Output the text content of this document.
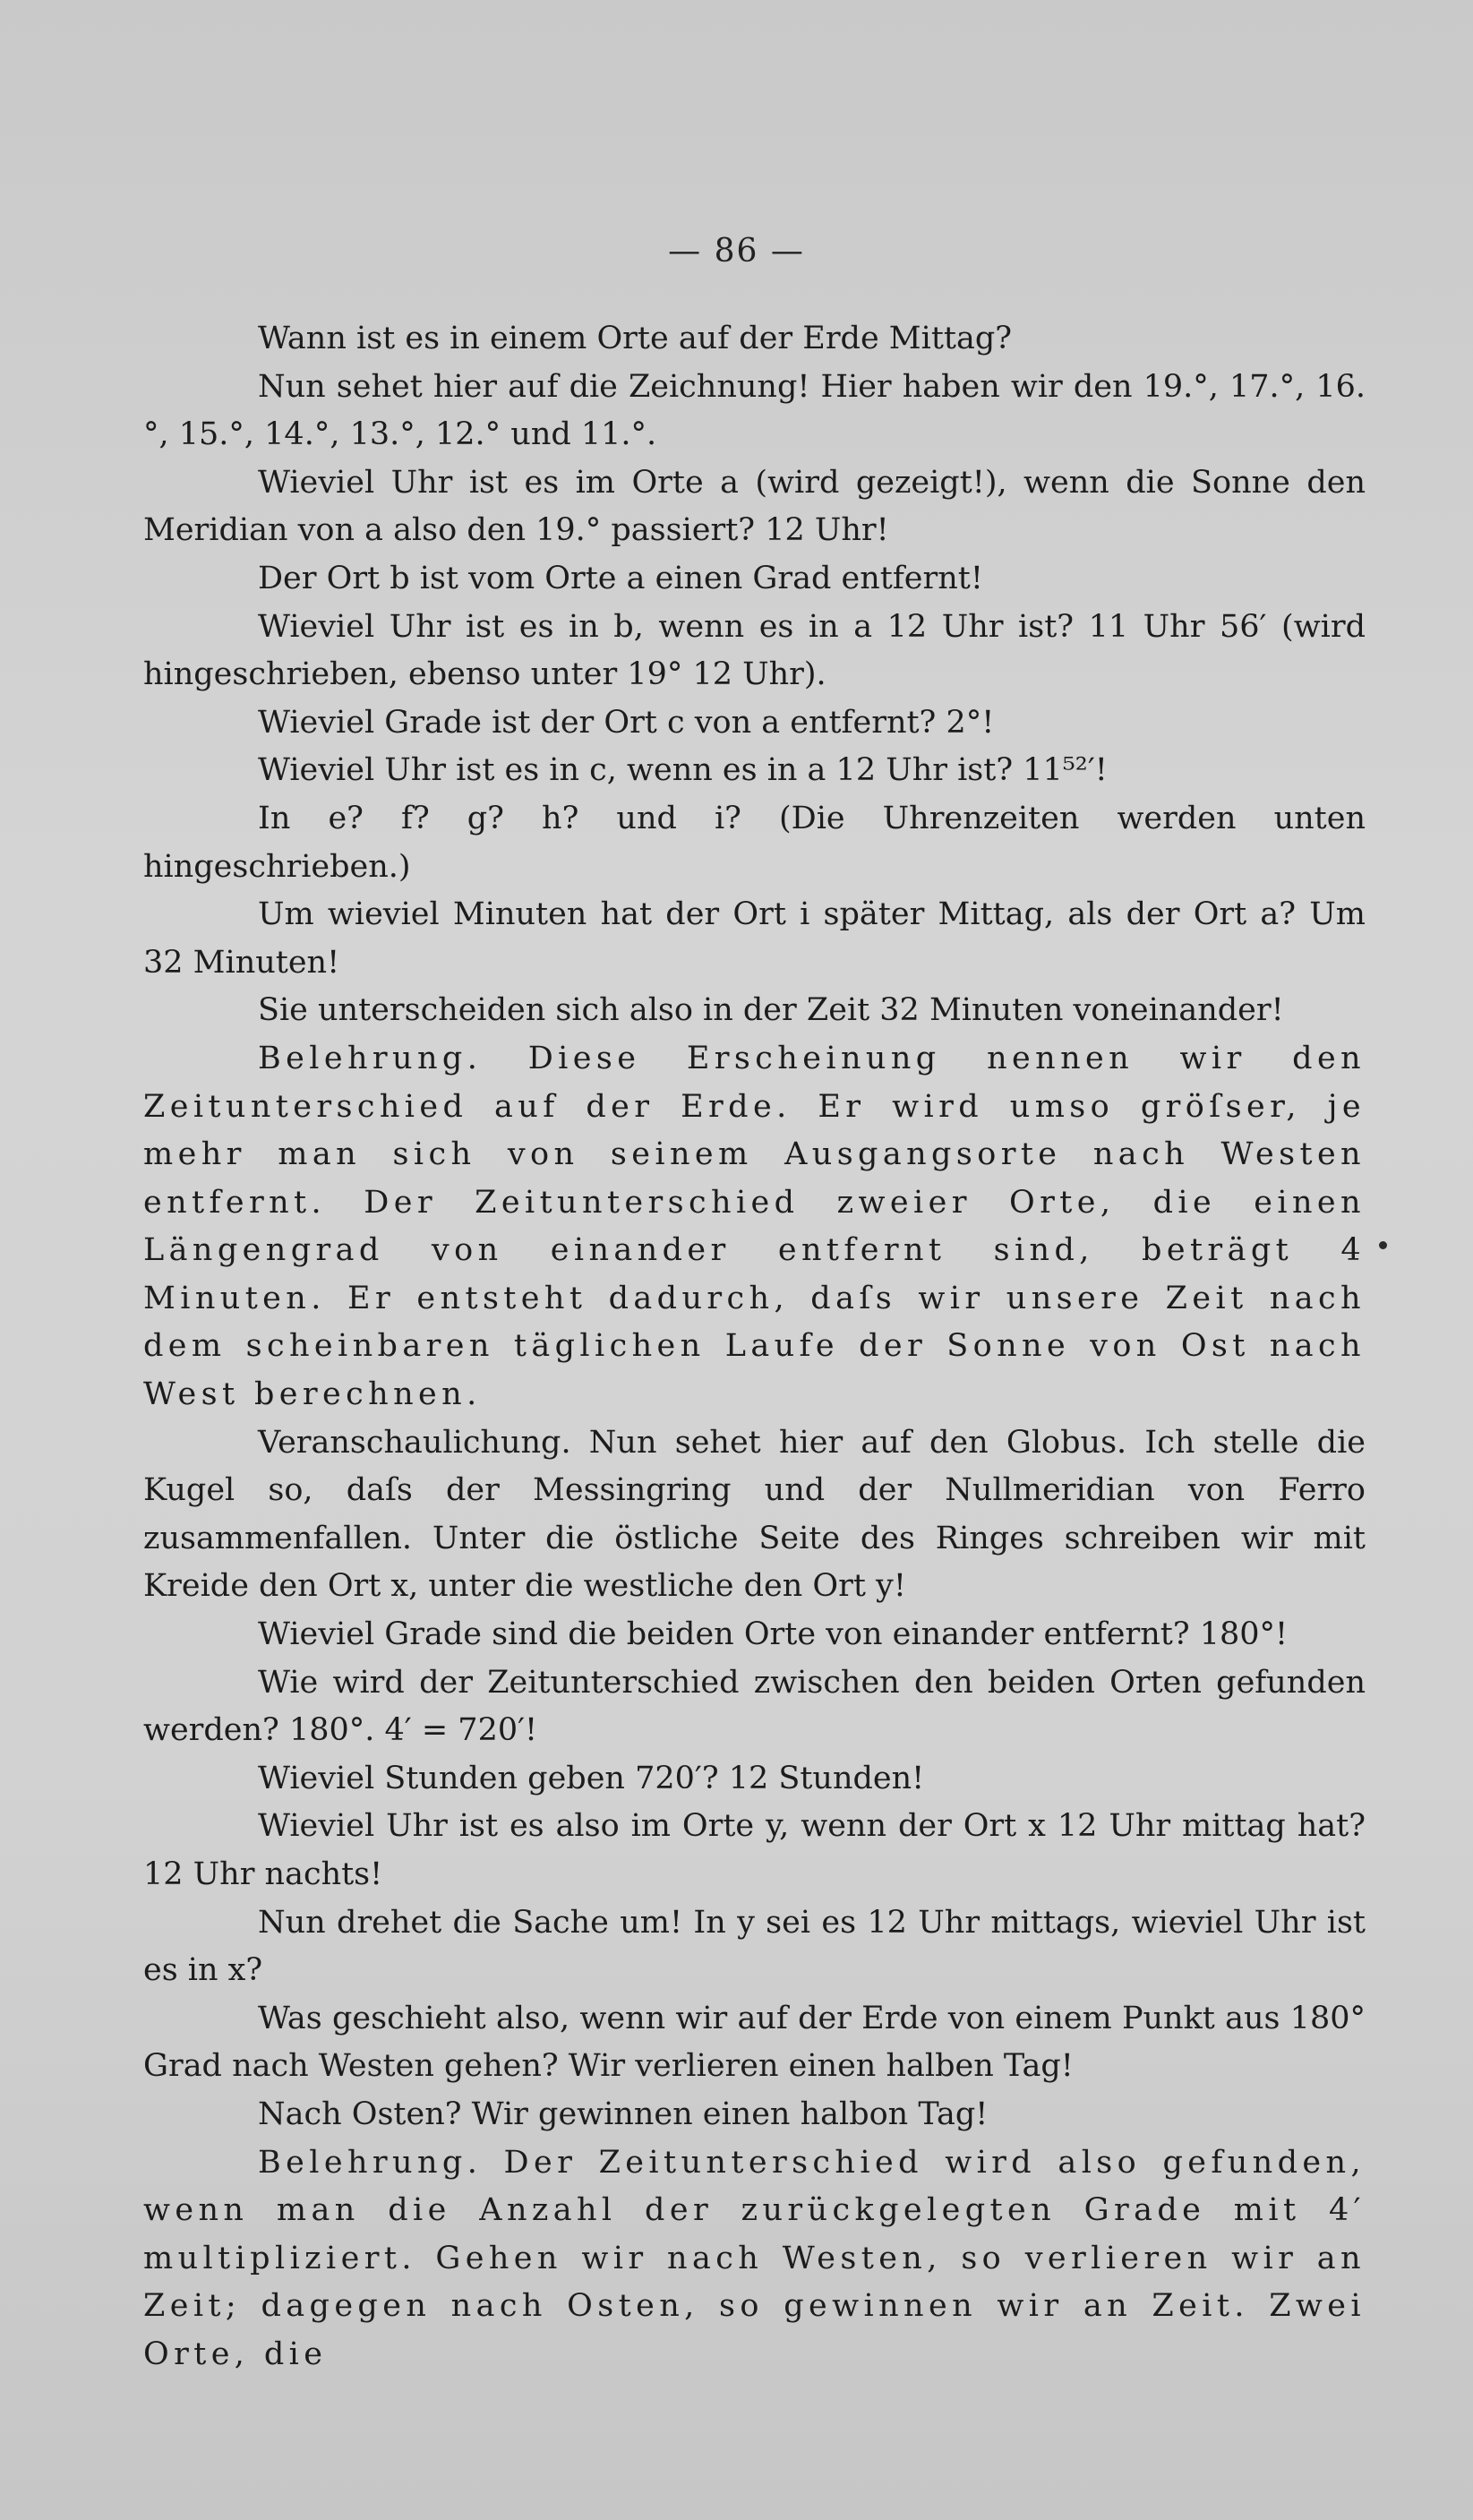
— 86 —

Wann ist es in einem Orte auf der Erde Mittag?

Nun sehet hier auf die Zeichnung! Hier haben wir den 19.°, 17.°, 16.°, 15.°, 14.°, 13.°, 12.° und 11.°.

Wieviel Uhr ist es im Orte a (wird gezeigt!), wenn die Sonne den Meridian von a also den 19.° passiert? 12 Uhr!

Der Ort b ist vom Orte a einen Grad entfernt!

Wieviel Uhr ist es in b, wenn es in a 12 Uhr ist? 11 Uhr 56′ (wird hingeschrieben, ebenso unter 19° 12 Uhr).

Wieviel Grade ist der Ort c von a entfernt? 2°!

Wieviel Uhr ist es in c, wenn es in a 12 Uhr ist? 11⁵²′!

In e? f? g? h? und i? (Die Uhrenzeiten werden unten hingeschrieben.)

Um wieviel Minuten hat der Ort i später Mittag, als der Ort a? Um 32 Minuten!

Sie unterscheiden sich also in der Zeit 32 Minuten voneinander!

Belehrung. Diese Erscheinung nennen wir den Zeitunterschied auf der Erde. Er wird umso gröſser, je mehr man sich von seinem Ausgangsorte nach Westen entfernt. Der Zeitunterschied zweier Orte, die einen Längengrad von einander entfernt sind, beträgt 4 Minuten. Er entsteht dadurch, daſs wir unsere Zeit nach dem scheinbaren täglichen Laufe der Sonne von Ost nach West berechnen.

Veranschaulichung. Nun sehet hier auf den Globus. Ich stelle die Kugel so, daſs der Messingring und der Nullmeridian von Ferro zusammenfallen. Unter die östliche Seite des Ringes schreiben wir mit Kreide den Ort x, unter die westliche den Ort y!

Wieviel Grade sind die beiden Orte von einander entfernt? 180°!

Wie wird der Zeitunterschied zwischen den beiden Orten gefunden werden? 180°. 4′ = 720′!

Wieviel Stunden geben 720′? 12 Stunden!

Wieviel Uhr ist es also im Orte y, wenn der Ort x 12 Uhr mittag hat? 12 Uhr nachts!

Nun drehet die Sache um! In y sei es 12 Uhr mittags, wieviel Uhr ist es in x?

Was geschieht also, wenn wir auf der Erde von einem Punkt aus 180° Grad nach Westen gehen? Wir verlieren einen halben Tag!

Nach Osten? Wir gewinnen einen halbon Tag!

Belehrung. Der Zeitunterschied wird also gefunden, wenn man die Anzahl der zurückgelegten Grade mit 4′ multipliziert. Gehen wir nach Westen, so verlieren wir an Zeit; dagegen nach Osten, so gewinnen wir an Zeit. Zwei Orte, die
